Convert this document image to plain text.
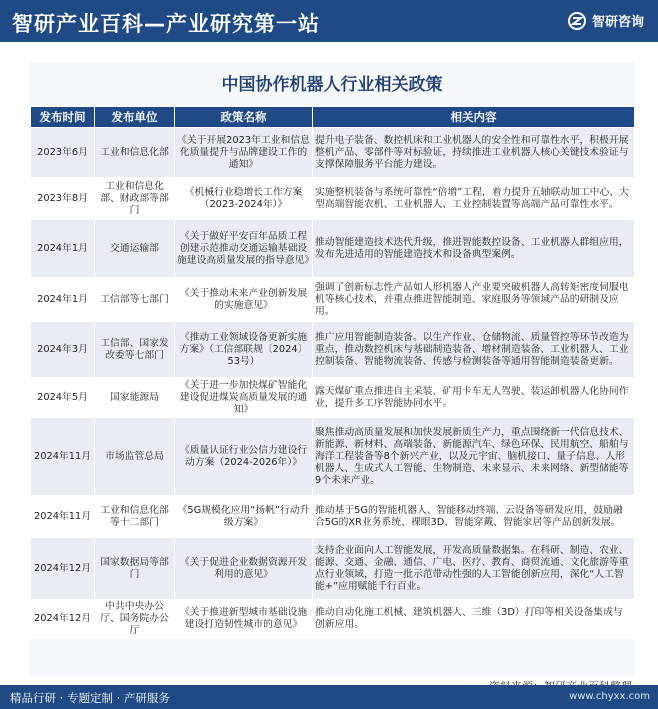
智研产业百科—产业研究第一站	智研咨询
中国协作机器人行业相关政策
发布时间	发布单位	政策名称	相关内容
2023年6月	工业和信息化部	《关于开展2023年工业和信息化质量提升与品牌建设工作的通知》	提升电子装备、数控机床和工业机器人的安全性和可靠性水平，积极开展整机产品、零部件等对标验证，持续推进工业机器人核心关键技术验证与支撑保障服务平台能力建设。
2023年8月	工业和信息化部、财政部等部门	《机械行业稳增长工作方案（2023-2024年）》	实施整机装备与系统可靠性“倍增”工程，着力提升五轴联动加工中心、大型高端智能农机、工业机器人、工业控制装置等高端产品可靠性水平。
2024年1月	交通运输部	《关于做好平安百年品质工程创建示范推动交通运输基础设施建设高质量发展的指导意见》	推动智能建造技术迭代升级，推进智能数控设备、工业机器人群组应用，发布先进适用的智能建造技术和设备典型案例。
2024年1月	工信部等七部门	《关于推动未来产业创新发展的实施意见》	强调了创新标志性产品如人形机器人产业要突破机器人高转矩密度伺服电机等核心技术，并重点推进智能制造、家庭服务等领域产品的研制及应用。
2024年3月	工信部、国家发改委等七部门	《推动工业领域设备更新实施方案》（工信部联规〔2024〕53号）	推广应用智能制造装备。以生产作业、仓储物流、质量管控等环节改造为重点，推动数控机床与基础制造装备、增材制造装备、工业机器人、工业控制装备、智能物流装备、传感与检测装备等通用智能制造装备更新。
2024年5月	国家能源局	《关于进一步加快煤矿智能化建设促进煤炭高质量发展的通知》	露天煤矿重点推进自主采装、矿用卡车无人驾驶、装运卸机器人化协同作业，提升多工序智能协同水平。
2024年11月	市场监管总局	《质量认证行业公信力建设行动方案（2024-2026年）》	聚焦推动高质量发展和加快发展新质生产力，重点围绕新一代信息技术、新能源、新材料、高端装备、新能源汽车、绿色环保、民用航空、船舶与海洋工程装备等8个新兴产业，以及元宇宙、脑机接口、量子信息、人形机器人、生成式人工智能、生物制造、未来显示、未来网络、新型储能等9个未来产业。
2024年11月	工业和信息化部等十二部门	《5G规模化应用“扬帆”行动升级方案》	推动基于5G的智能机器人、智能移动终端、云设备等研发应用，鼓励融合5G的XR业务系统、裸眼3D、智能穿戴、智能家居等产品创新发展。
2024年12月	国家数据局等部门	《关于促进企业数据资源开发利用的意见》	支持企业面向人工智能发展，开发高质量数据集。在科研、制造、农业、能源、交通、金融、通信、广电、医疗、教育、商贸流通、文化旅游等重点行业领域，打造一批示范带动性强的人工智能创新应用，深化“人工智能+”应用赋能千行百业。
2024年12月	中共中央办公厅、国务院办公厅	《关于推进新型城市基础设施建设打造韧性城市的意见》	推动自动化施工机械、建筑机器人、三维（3D）打印等相关设备集成与创新应用。
精品行研 · 专题定制 · 产研服务	www.chyxx.com
